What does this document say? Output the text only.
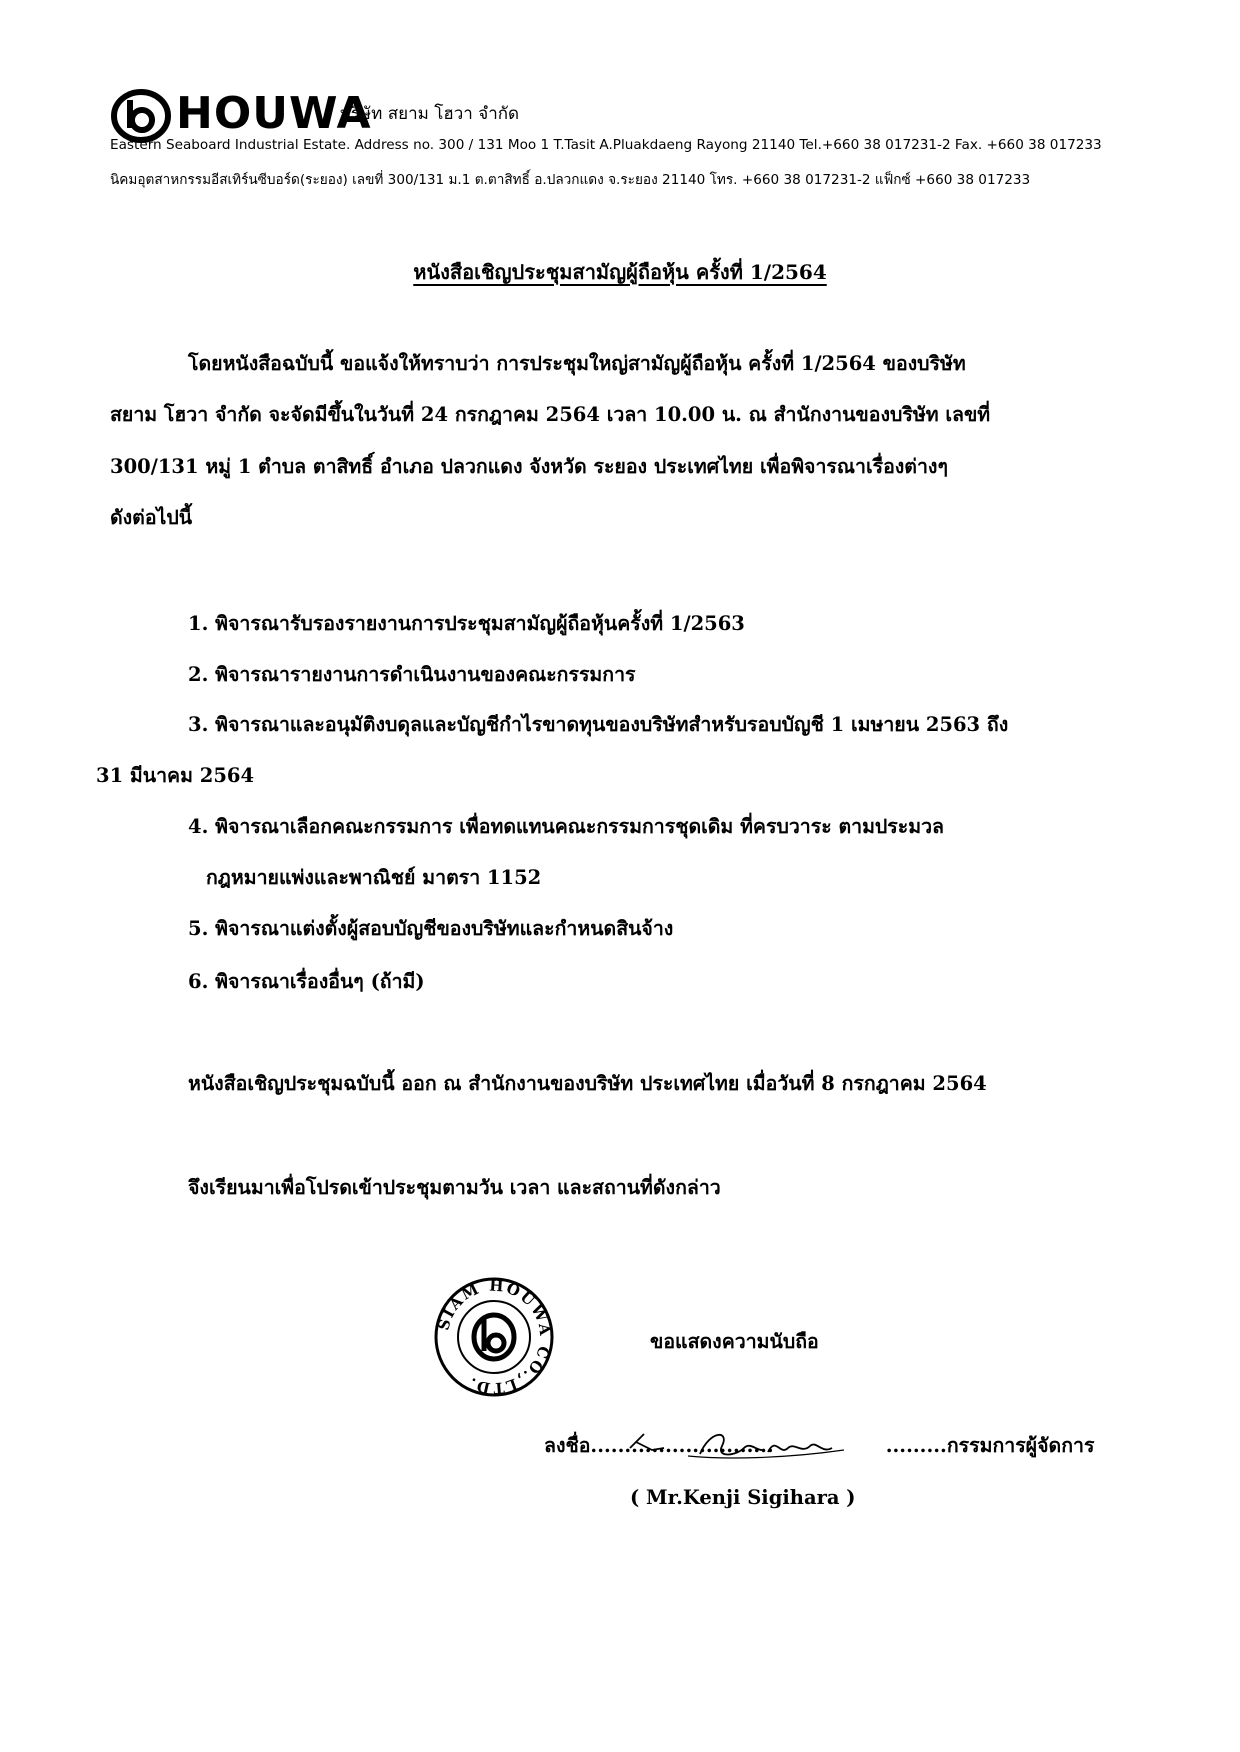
HOUWA
บริษัท สยาม โฮวา จำกัด
Eastern Seaboard Industrial Estate. Address no. 300 / 131 Moo 1 T.Tasit A.Pluakdaeng Rayong 21140 Tel.+660 38 017231-2 Fax. +660 38 017233
นิคมอุตสาหกรรมอีสเทิร์นซีบอร์ด(ระยอง) เลขที่ 300/131 ม.1 ต.ตาสิทธิ์ อ.ปลวกแดง จ.ระยอง 21140 โทร. +660 38 017231-2 แฟ็กซ์ +660 38 017233
หนังสือเชิญประชุมสามัญผู้ถือหุ้น ครั้งที่ 1/2564
โดยหนังสือฉบับนี้ ขอแจ้งให้ทราบว่า การประชุมใหญ่สามัญผู้ถือหุ้น ครั้งที่ 1/2564 ของบริษัท
สยาม โฮวา จำกัด จะจัดมีขึ้นในวันที่ 24 กรกฎาคม 2564 เวลา 10.00 น. ณ สำนักงานของบริษัท เลขที่
300/131 หมู่ 1 ตำบล ตาสิทธิ์ อำเภอ ปลวกแดง จังหวัด ระยอง ประเทศไทย เพื่อพิจารณาเรื่องต่างๆ
ดังต่อไปนี้
1. พิจารณารับรองรายงานการประชุมสามัญผู้ถือหุ้นครั้งที่ 1/2563
2. พิจารณารายงานการดำเนินงานของคณะกรรมการ
3. พิจารณาและอนุมัติงบดุลและบัญชีกำไรขาดทุนของบริษัทสำหรับรอบบัญชี 1 เมษายน 2563 ถึง
31 มีนาคม 2564
4. พิจารณาเลือกคณะกรรมการ เพื่อทดแทนคณะกรรมการชุดเดิม ที่ครบวาระ ตามประมวล
กฎหมายแพ่งและพาณิชย์ มาตรา 1152
5. พิจารณาแต่งตั้งผู้สอบบัญชีของบริษัทและกำหนดสินจ้าง
6. พิจารณาเรื่องอื่นๆ (ถ้ามี)
หนังสือเชิญประชุมฉบับนี้ ออก ณ สำนักงานของบริษัท ประเทศไทย เมื่อวันที่ 8 กรกฎาคม 2564
จึงเรียนมาเพื่อโปรดเข้าประชุมตามวัน เวลา และสถานที่ดังกล่าว
SIAM HOUWA CO.,LTD.
ขอแสดงความนับถือ
ลงชื่อ...........................	.........กรรมการผู้จัดการ
( Mr.Kenji Sigihara )
